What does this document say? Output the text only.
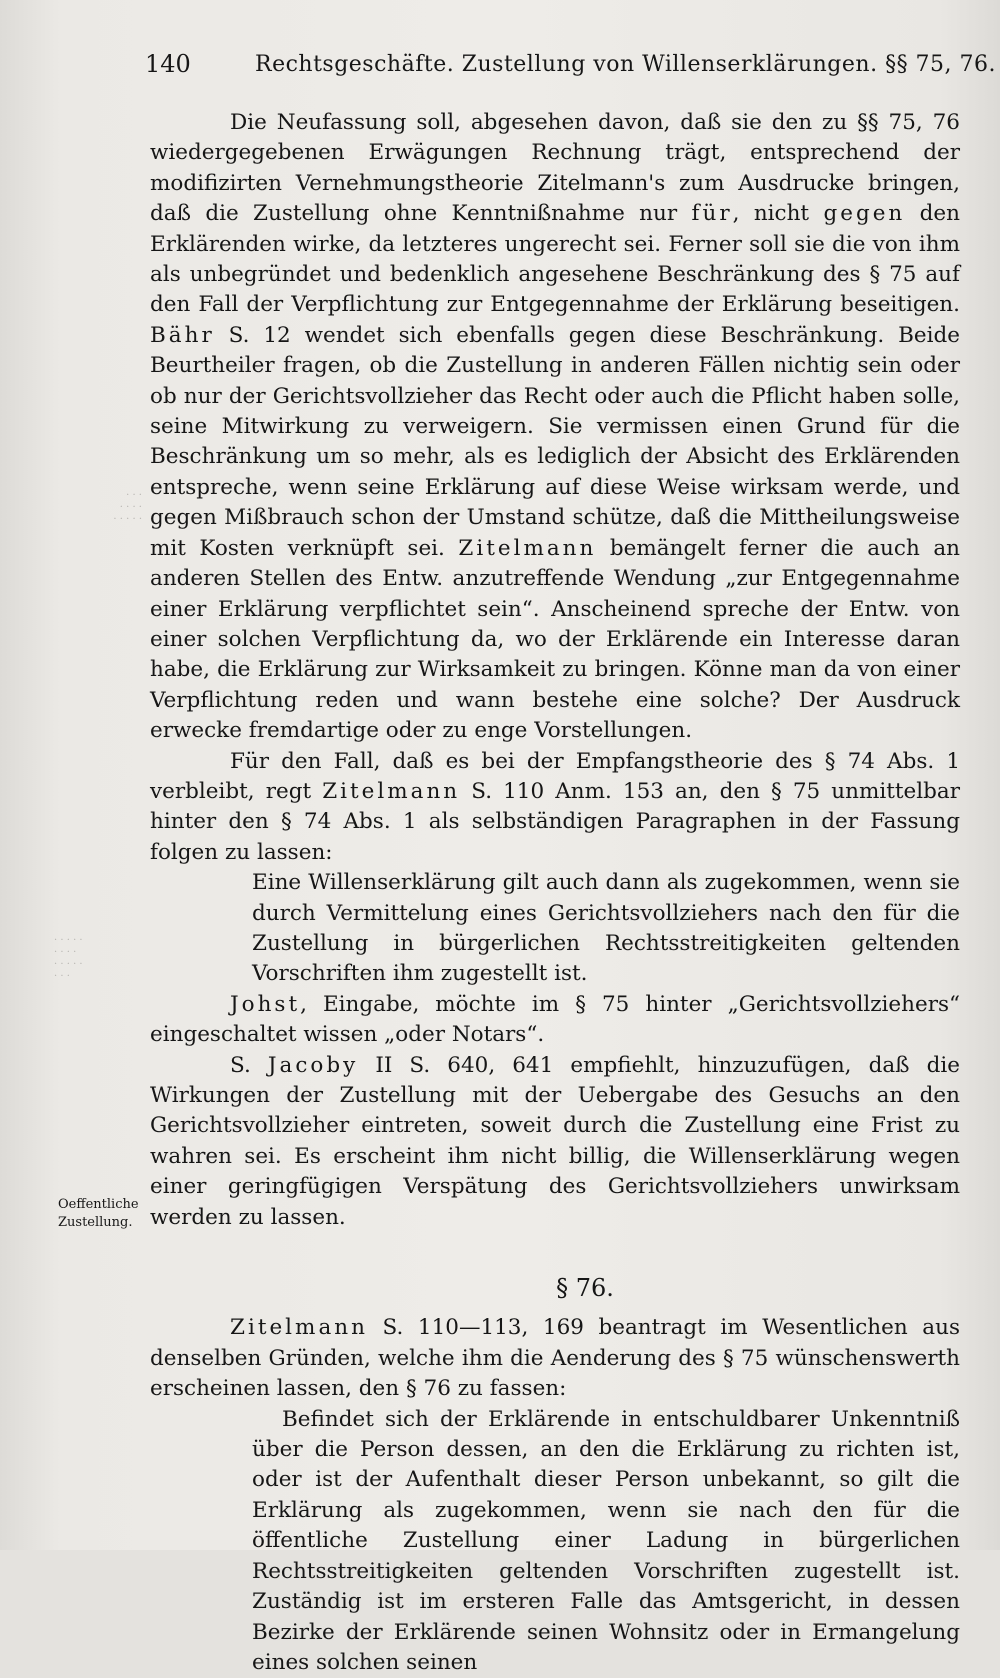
140	Rechtsgeschäfte. Zustellung von Willenserklärungen. §§ 75, 76.
· · ·
· · · ·
· · · · ·
· · · · ·
· · · ·
· · · · ·
· · ·
Oeffentliche
Zustellung.

Die Neufassung soll, abgesehen davon, daß sie den zu §§ 75, 76 wiedergegebenen Erwägungen Rechnung trägt, entsprechend der modifizirten Vernehmungstheorie Zitelmann's zum Ausdrucke bringen, daß die Zustellung ohne Kenntnißnahme nur für, nicht gegen den Erklärenden wirke, da letzteres ungerecht sei. Ferner soll sie die von ihm als unbegründet und bedenklich angesehene Beschränkung des § 75 auf den Fall der Verpflichtung zur Entgegennahme der Erklärung beseitigen. Bähr S. 12 wendet sich ebenfalls gegen diese Beschränkung. Beide Beurtheiler fragen, ob die Zustellung in anderen Fällen nichtig sein oder ob nur der Gerichtsvollzieher das Recht oder auch die Pflicht haben solle, seine Mitwirkung zu verweigern. Sie vermissen einen Grund für die Beschränkung um so mehr, als es lediglich der Absicht des Erklärenden entspreche, wenn seine Erklärung auf diese Weise wirksam werde, und gegen Mißbrauch schon der Umstand schütze, daß die Mittheilungsweise mit Kosten verknüpft sei. Zitelmann bemängelt ferner die auch an anderen Stellen des Entw. anzutreffende Wendung „zur Entgegennahme einer Erklärung verpflichtet sein“. Anscheinend spreche der Entw. von einer solchen Verpflichtung da, wo der Erklärende ein Interesse daran habe, die Erklärung zur Wirksamkeit zu bringen. Könne man da von einer Verpflichtung reden und wann bestehe eine solche? Der Ausdruck erwecke fremdartige oder zu enge Vorstellungen.

Für den Fall, daß es bei der Empfangstheorie des § 74 Abs. 1 verbleibt, regt Zitelmann S. 110 Anm. 153 an, den § 75 unmittelbar hinter den § 74 Abs. 1 als selbständigen Paragraphen in der Fassung folgen zu lassen:

Eine Willenserklärung gilt auch dann als zugekommen, wenn sie durch Vermittelung eines Gerichtsvollziehers nach den für die Zustellung in bürgerlichen Rechtsstreitigkeiten geltenden Vorschriften ihm zugestellt ist.

Johst, Eingabe, möchte im § 75 hinter „Gerichtsvollziehers“ eingeschaltet wissen „oder Notars“.

S. Jacoby II S. 640, 641 empfiehlt, hinzuzufügen, daß die Wirkungen der Zustellung mit der Uebergabe des Gesuchs an den Gerichtsvollzieher eintreten, soweit durch die Zustellung eine Frist zu wahren sei. Es erscheint ihm nicht billig, die Willenserklärung wegen einer geringfügigen Verspätung des Gerichtsvollziehers unwirksam werden zu lassen.

§ 76.

Zitelmann S. 110—113, 169 beantragt im Wesentlichen aus denselben Gründen, welche ihm die Aenderung des § 75 wünschenswerth erscheinen lassen, den § 76 zu fassen:

Befindet sich der Erklärende in entschuldbarer Unkenntniß über die Person dessen, an den die Erklärung zu richten ist, oder ist der Aufenthalt dieser Person unbekannt, so gilt die Erklärung als zugekommen, wenn sie nach den für die öffentliche Zustellung einer Ladung in bürgerlichen Rechtsstreitigkeiten geltenden Vorschriften zugestellt ist. Zuständig ist im ersteren Falle das Amtsgericht, in dessen Bezirke der Erklärende seinen Wohnsitz oder in Ermangelung eines solchen seinen
